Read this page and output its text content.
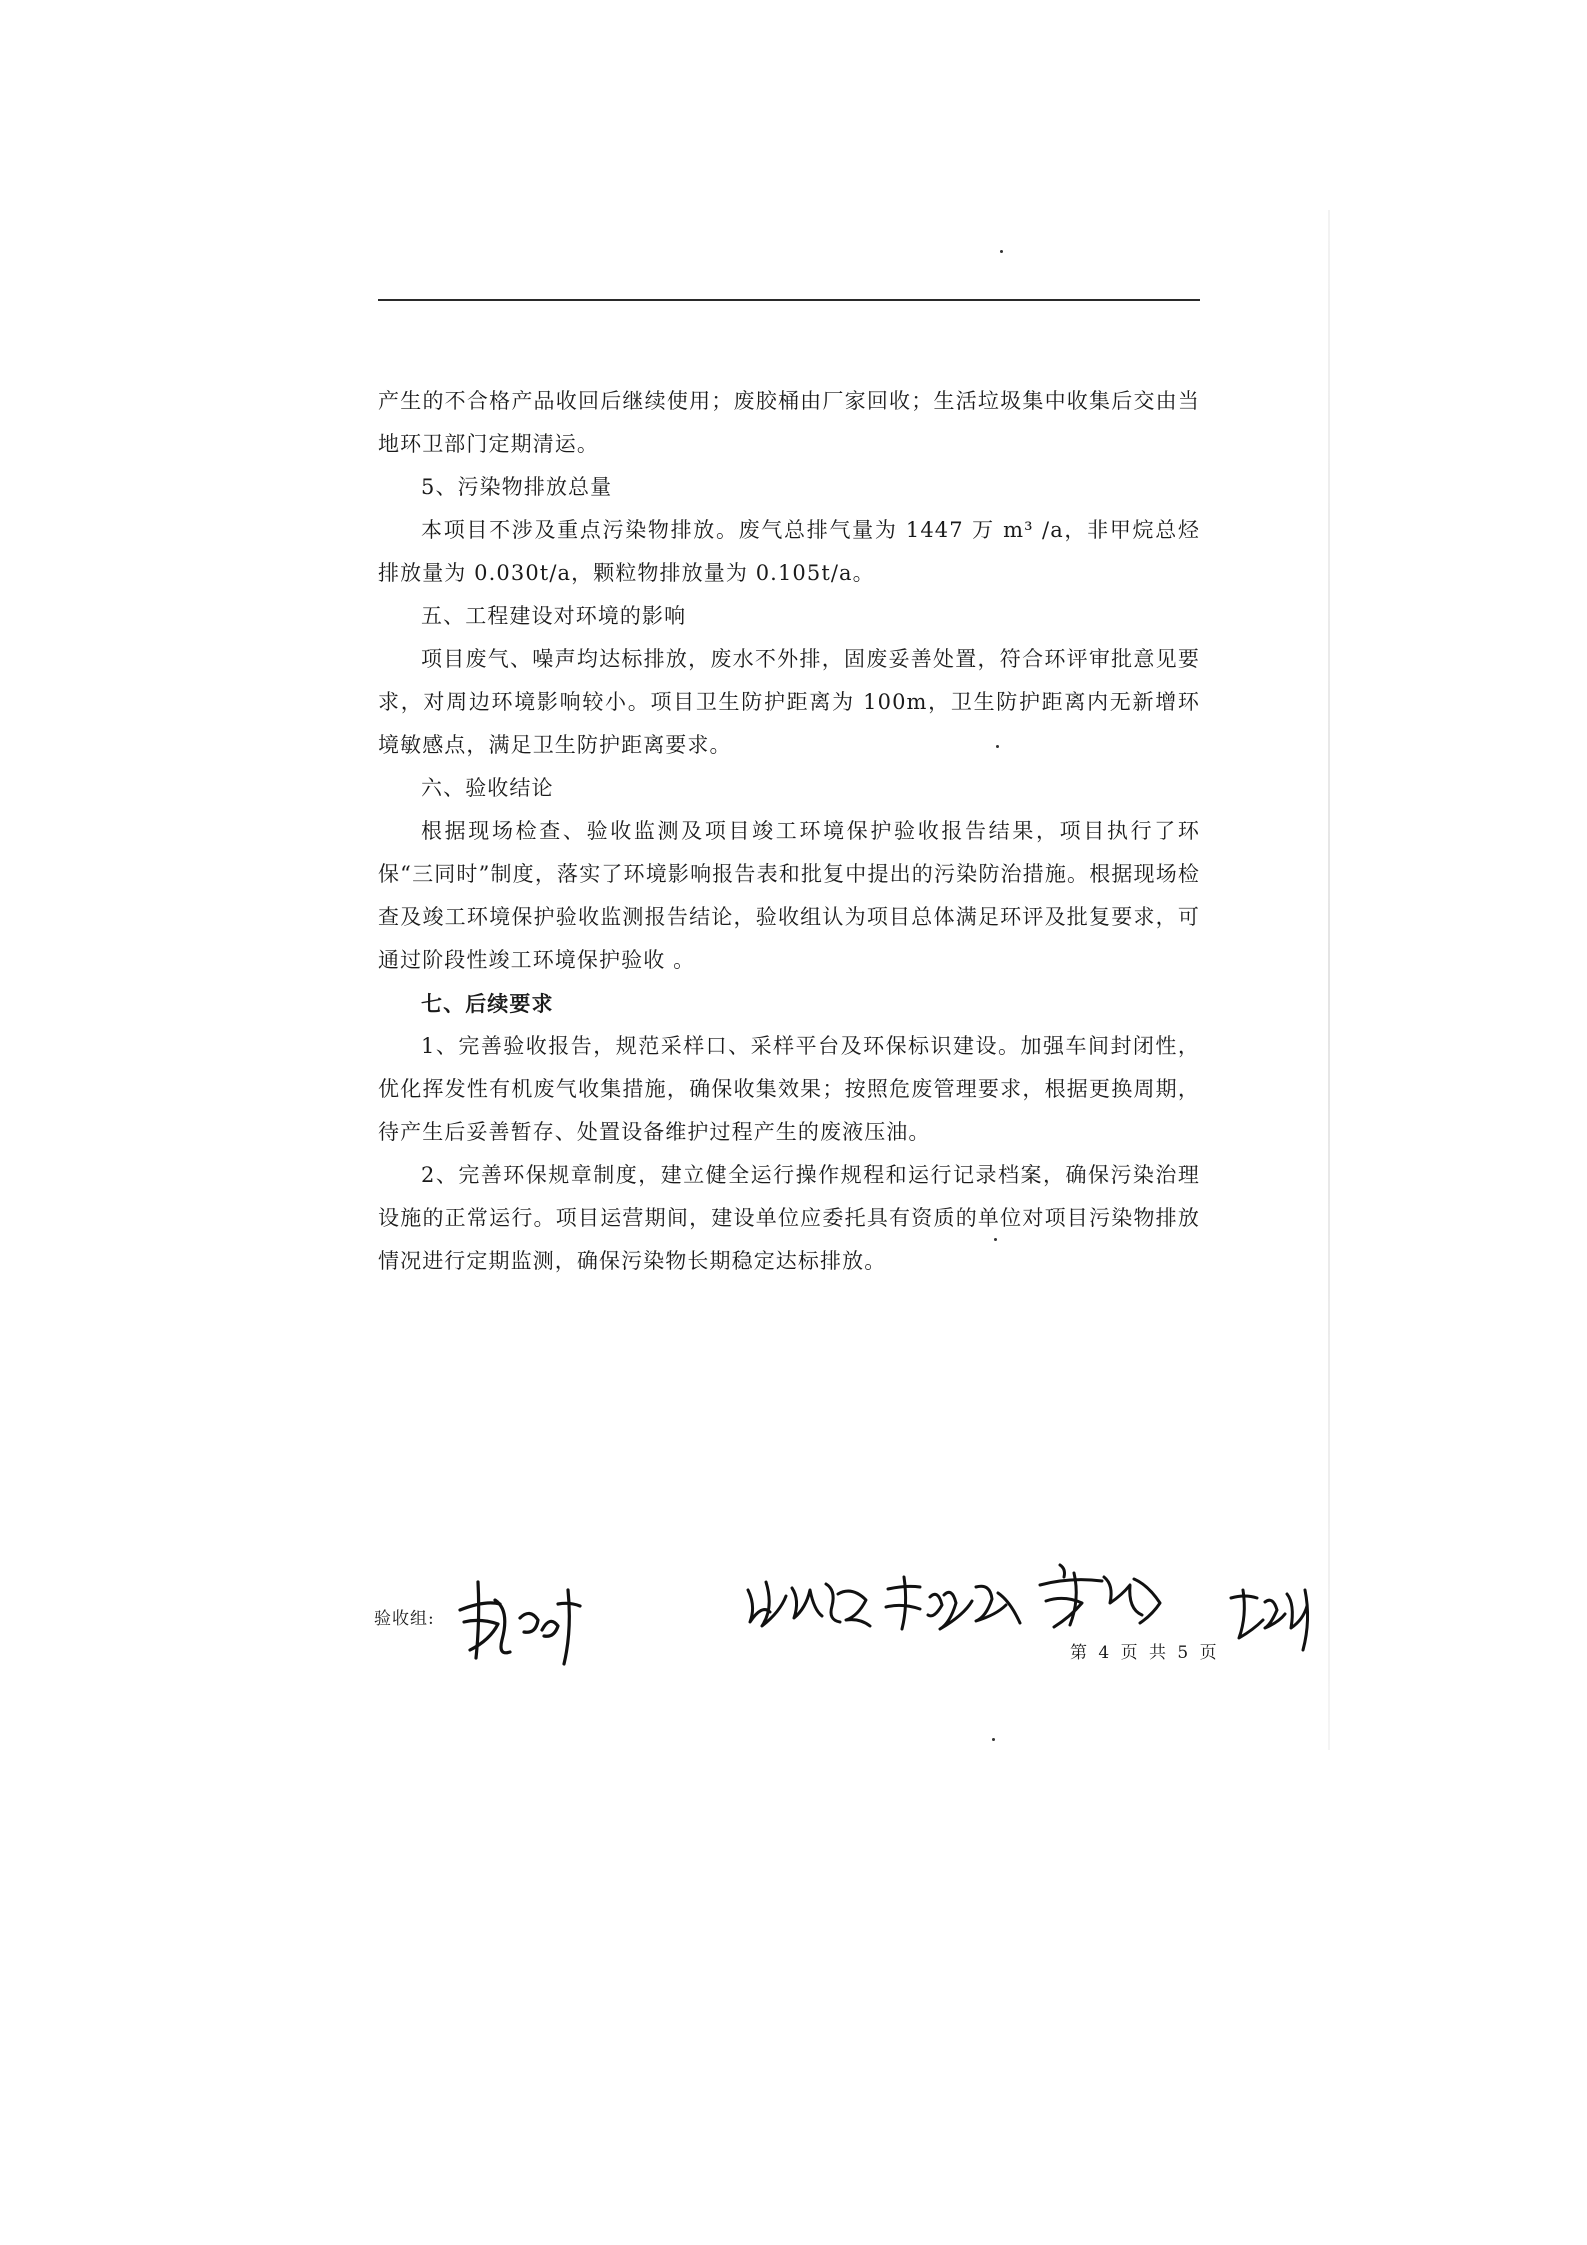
产生的不合格产品收回后继续使用；废胶桶由厂家回收；生活垃圾集中收集后交由当地环卫部门定期清运。

5、污染物排放总量

本项目不涉及重点污染物排放。废气总排气量为 1447 万 m³ /a，非甲烷总烃排放量为 0.030t/a，颗粒物排放量为 0.105t/a。

五、工程建设对环境的影响

项目废气、噪声均达标排放，废水不外排，固废妥善处置，符合环评审批意见要求，对周边环境影响较小。项目卫生防护距离为 100m，卫生防护距离内无新增环境敏感点，满足卫生防护距离要求。

六、验收结论

根据现场检查、验收监测及项目竣工环境保护验收报告结果，项目执行了环保“三同时”制度，落实了环境影响报告表和批复中提出的污染防治措施。根据现场检查及竣工环境保护验收监测报告结论，验收组认为项目总体满足环评及批复要求，可通过阶段性竣工环境保护验收 。

七、后续要求

1、完善验收报告，规范采样口、采样平台及环保标识建设。加强车间封闭性，优化挥发性有机废气收集措施，确保收集效果；按照危废管理要求，根据更换周期，待产生后妥善暂存、处置设备维护过程产生的废液压油。

2、完善环保规章制度，建立健全运行操作规程和运行记录档案，确保污染治理设施的正常运行。项目运营期间，建设单位应委托具有资质的单位对项目污染物排放情况进行定期监测，确保污染物长期稳定达标排放。

验收组:
第 4 页 共 5 页
